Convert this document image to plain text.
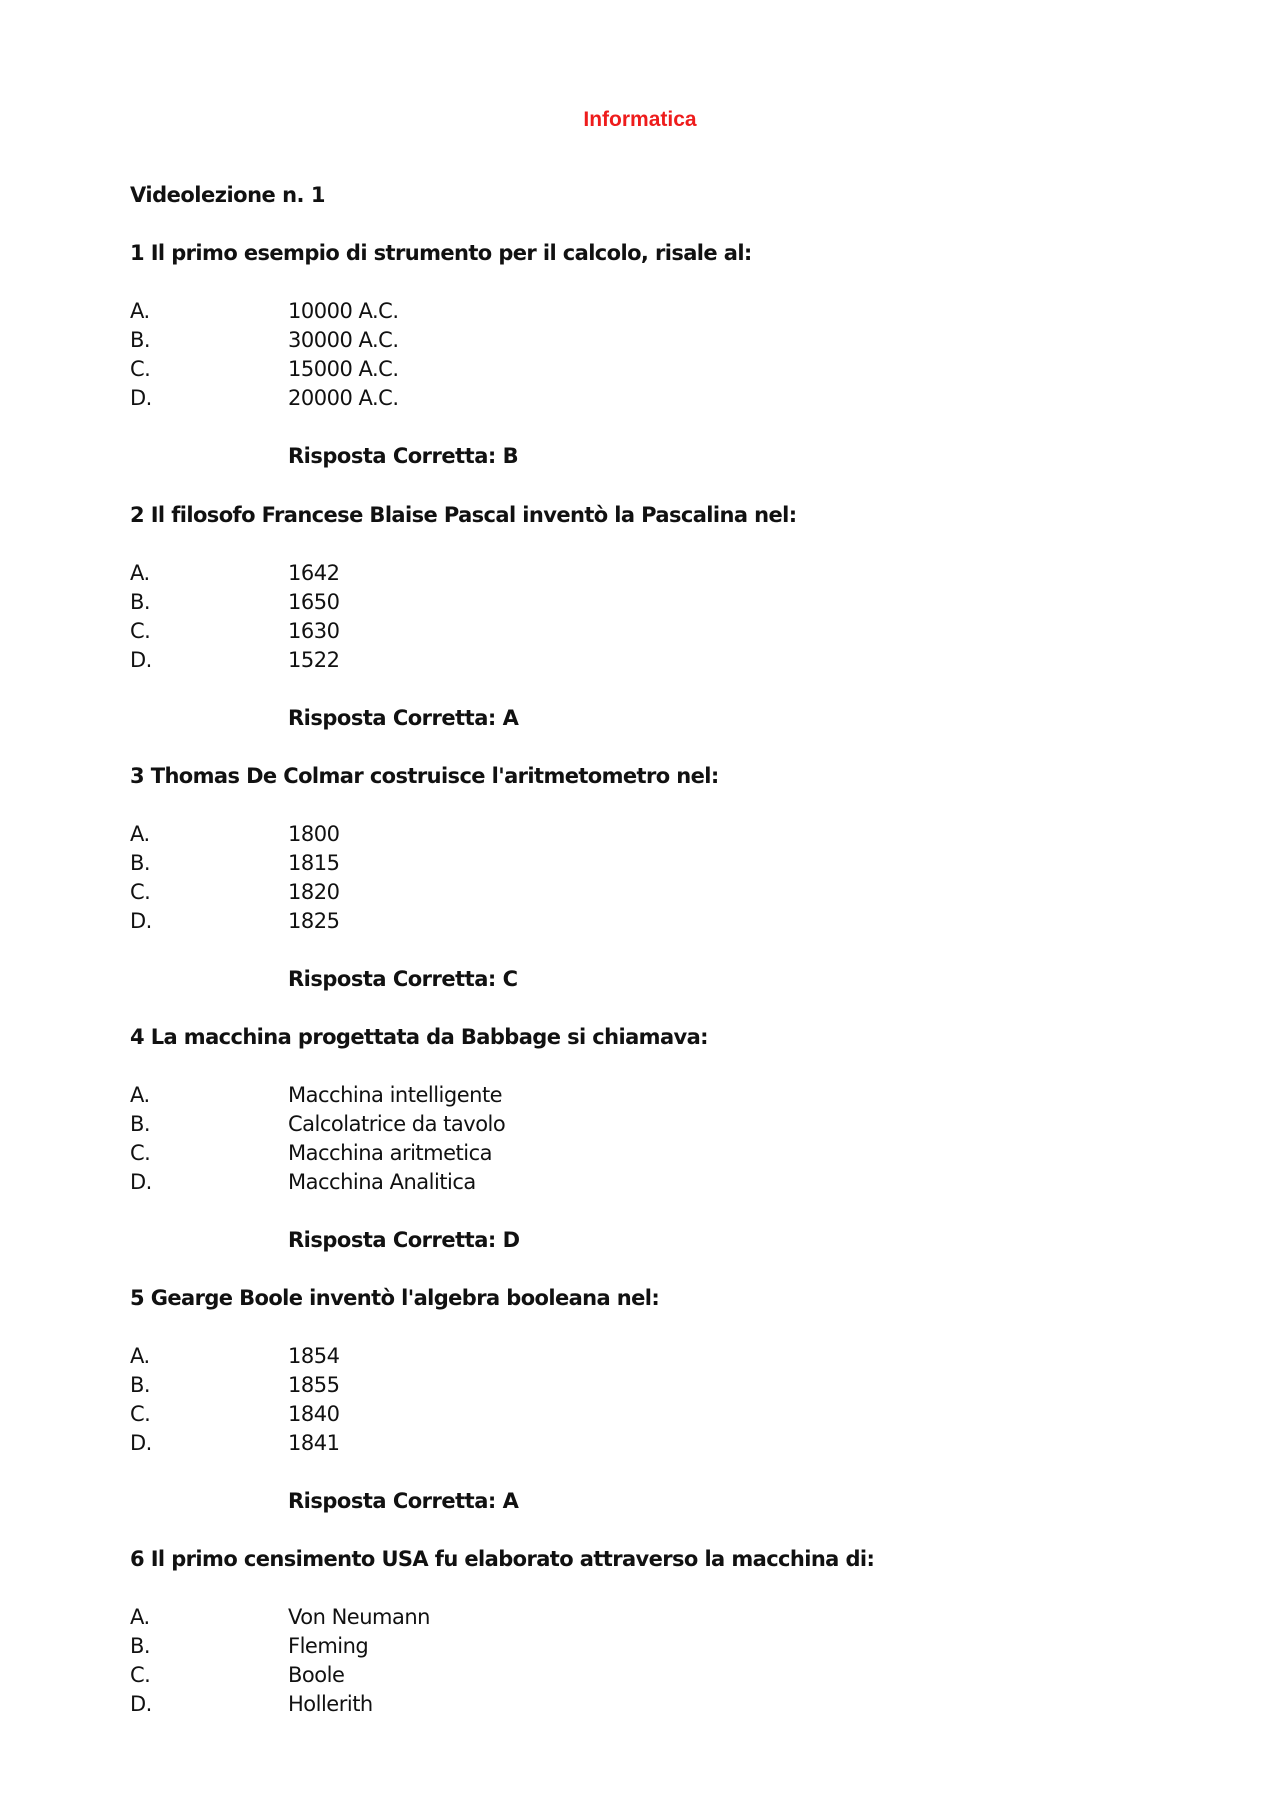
Informatica
Videolezione n. 1
1 Il primo esempio di strumento per il calcolo, risale al:
A.	10000 A.C.
B.	30000 A.C.
C.	15000 A.C.
D.	20000 A.C.
Risposta Corretta: B
2 Il filosofo Francese Blaise Pascal inventò la Pascalina nel:
A.	1642
B.	1650
C.	1630
D.	1522
Risposta Corretta: A
3 Thomas De Colmar costruisce l'aritmetometro nel:
A.	1800
B.	1815
C.	1820
D.	1825
Risposta Corretta: C
4 La macchina progettata da Babbage si chiamava:
A.	Macchina intelligente
B.	Calcolatrice da tavolo
C.	Macchina aritmetica
D.	Macchina Analitica
Risposta Corretta: D
5 Gearge Boole inventò l'algebra booleana nel:
A.	1854
B.	1855
C.	1840
D.	1841
Risposta Corretta: A
6 Il primo censimento USA fu elaborato attraverso la macchina di:
A.	Von Neumann
B.	Fleming
C.	Boole
D.	Hollerith
